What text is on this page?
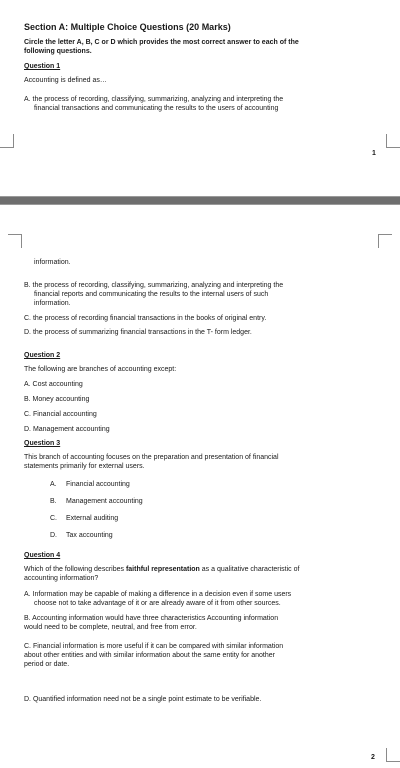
Section A: Multiple Choice Questions (20 Marks)
Circle the letter A, B, C or D which provides the most correct answer to each of the
following questions.
Question 1
Accounting is defined as…
A. the process of recording, classifying, summarizing, analyzing and interpreting the
financial transactions and communicating the results to the users of accounting
1
information.
B. the process of recording, classifying, summarizing, analyzing and interpreting the
financial reports and communicating the results to the internal users of such
information.
C. the process of recording financial transactions in the books of original entry.
D. the process of summarizing financial transactions in the T- form ledger.
Question 2
The following are branches of accounting except:
A. Cost accounting
B. Money accounting
C. Financial accounting
D. Management accounting
Question 3
This branch of accounting focuses on the preparation and presentation of financial
statements primarily for external users.
A.	Financial accounting
B.	Management accounting
C.	External auditing
D.	Tax accounting
Question 4
Which of the following describes faithful representation as a qualitative characteristic of
accounting information?
A. Information may be capable of making a difference in a decision even if some users
choose not to take advantage of it or are already aware of it from other sources.
B. Accounting information would have three characteristics Accounting information
would need to be complete, neutral, and free from error.
C. Financial information is more useful if it can be compared with similar information
about other entities and with similar information about the same entity for another
period or date.
D. Quantified information need not be a single point estimate to be verifiable.
2
